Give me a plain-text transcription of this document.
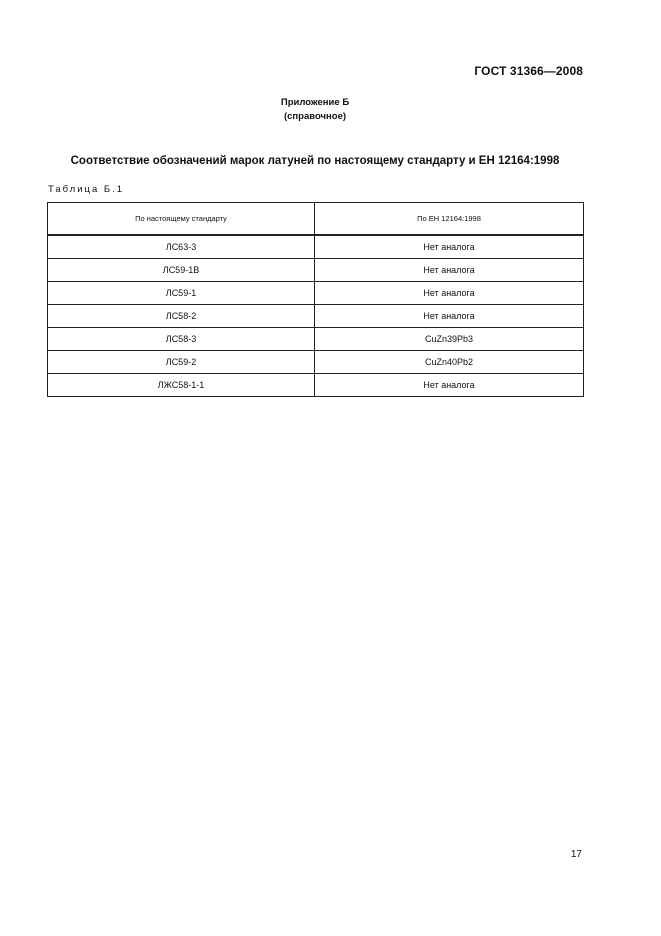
ГОСТ 31366—2008
Приложение Б
(справочное)
Соответствие обозначений марок латуней по настоящему стандарту и ЕН 12164:1998
Таблица Б.1
По настоящему стандарту	По ЕН 12164:1998
ЛС63-3	Нет аналога
ЛС59-1В	Нет аналога
ЛС59-1	Нет аналога
ЛС58-2	Нет аналога
ЛС58-3	CuZn39Pb3
ЛС59-2	CuZn40Pb2
ЛЖС58-1-1	Нет аналога
17
